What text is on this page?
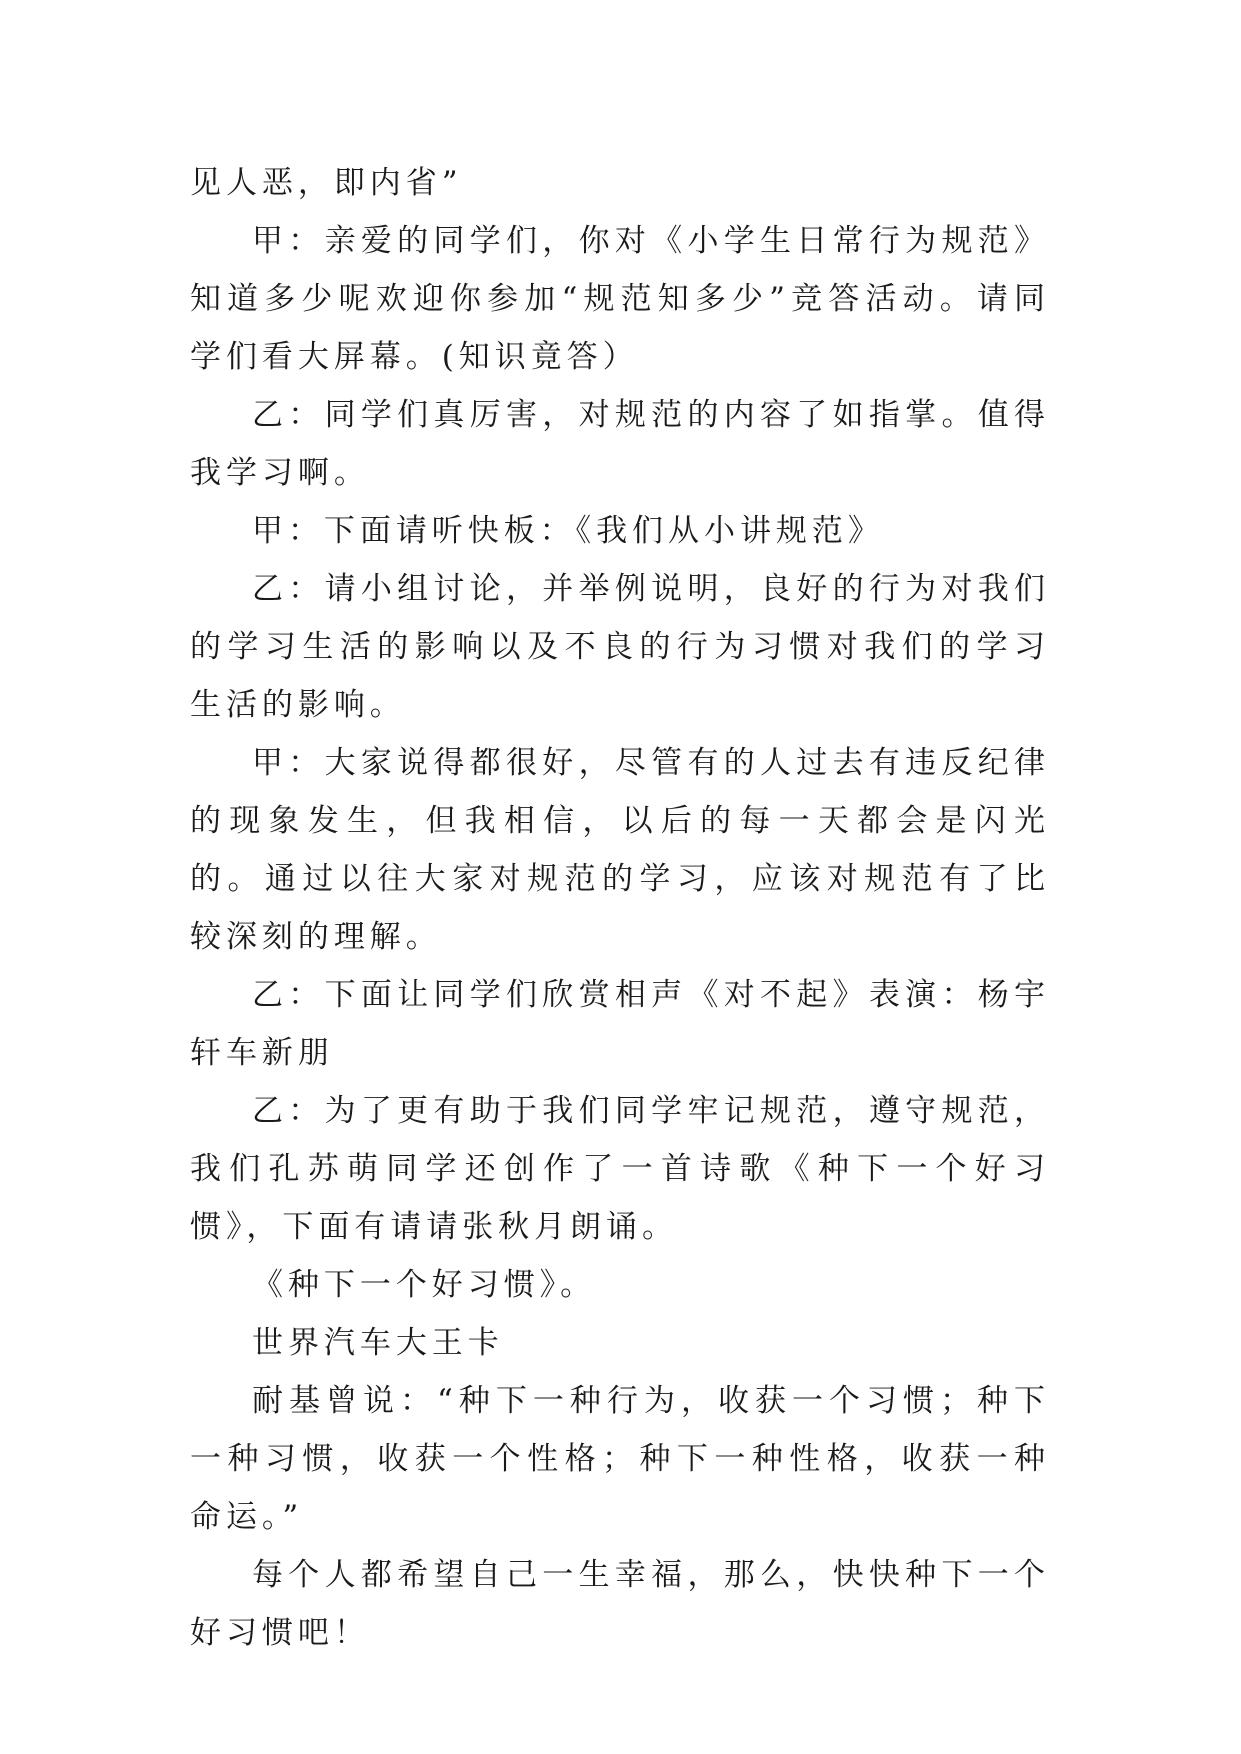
见人恶，即内省”

甲：亲爱的同学们，你对《小学生日常行为规范》知道多少呢欢迎你参加“规范知多少”竞答活动。请同学们看大屏幕。(知识竟答）

乙：同学们真厉害，对规范的内容了如指掌。值得我学习啊。

甲：下面请听快板：《我们从小讲规范》

乙：请小组讨论，并举例说明，良好的行为对我们的学习生活的影响以及不良的行为习惯对我们的学习生活的影响。

甲：大家说得都很好，尽管有的人过去有违反纪律的现象发生，但我相信，以后的每一天都会是闪光的。通过以往大家对规范的学习，应该对规范有了比较深刻的理解。

乙：下面让同学们欣赏相声《对不起》表演：杨宇轩车新朋

乙：为了更有助于我们同学牢记规范，遵守规范，我们孔苏萌同学还创作了一首诗歌《种下一个好习惯》，下面有请请张秋月朗诵。

《种下一个好习惯》。

世界汽车大王卡

耐基曾说：“种下一种行为，收获一个习惯；种下一种习惯，收获一个性格；种下一种性格，收获一种命运。”

每个人都希望自己一生幸福，那么，快快种下一个好习惯吧！
